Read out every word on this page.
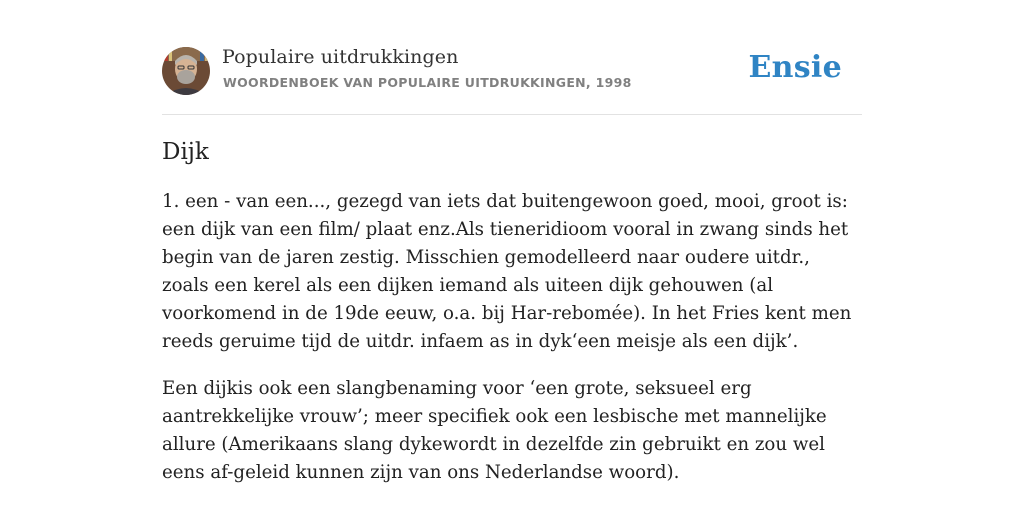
Populaire uitdrukkingen
WOORDENBOEK VAN POPULAIRE UITDRUKKINGEN, 1998	Ensie
Dijk

1. een - van een..., gezegd van iets dat buitengewoon goed, mooi, groot is: een dijk van een film/ plaat enz.Als tieneridioom vooral in zwang sinds het begin van de jaren zestig. Misschien gemodelleerd naar oudere uitdr., zoals een kerel als een dijken iemand als uiteen dijk gehouwen (al voorkomend in de 19de eeuw, o.a. bij Har-rebomée). In het Fries kent men reeds geruime tijd de uitdr. infaem as in dyk‘een meisje als een dijk’.

Een dijkis ook een slangbenaming voor ‘een grote, seksueel erg aantrekkelijke vrouw’; meer specifiek ook een lesbische met mannelijke allure (Amerikaans slang dykewordt in dezelfde zin gebruikt en zou wel eens af-geleid kunnen zijn van ons Nederlandse woord).
